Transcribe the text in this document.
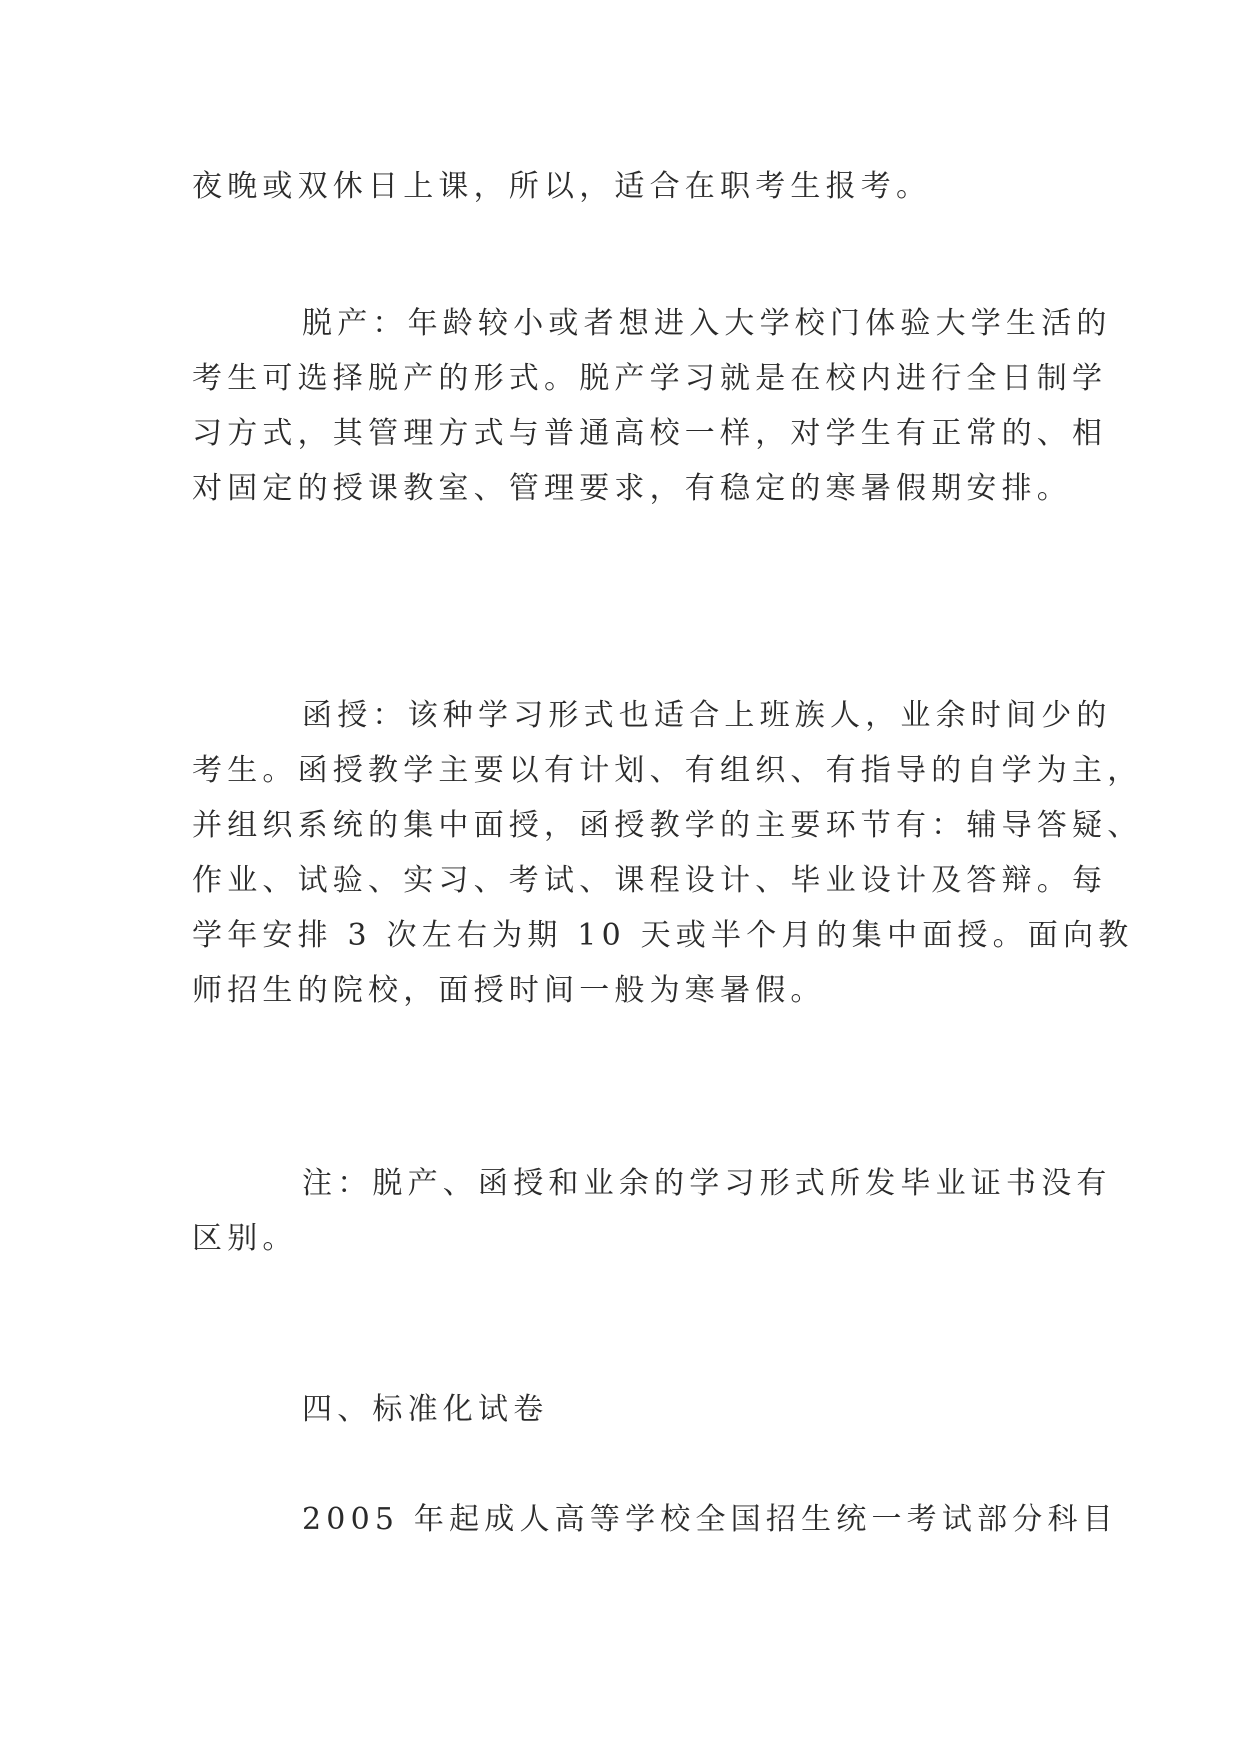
夜晚或双休日上课，所以，适合在职考生报考。
脱产：年龄较小或者想进入大学校门体验大学生活的
考生可选择脱产的形式。脱产学习就是在校内进行全日制学
习方式，其管理方式与普通高校一样，对学生有正常的、相
对固定的授课教室、管理要求，有稳定的寒暑假期安排。
函授：该种学习形式也适合上班族人，业余时间少的
考生。函授教学主要以有计划、有组织、有指导的自学为主，
并组织系统的集中面授，函授教学的主要环节有：辅导答疑、
作业、试验、实习、考试、课程设计、毕业设计及答辩。每
学年安排 3 次左右为期 10 天或半个月的集中面授。面向教
师招生的院校，面授时间一般为寒暑假。
注：脱产、函授和业余的学习形式所发毕业证书没有
区别。
四、标准化试卷
2005 年起成人高等学校全国招生统一考试部分科目
